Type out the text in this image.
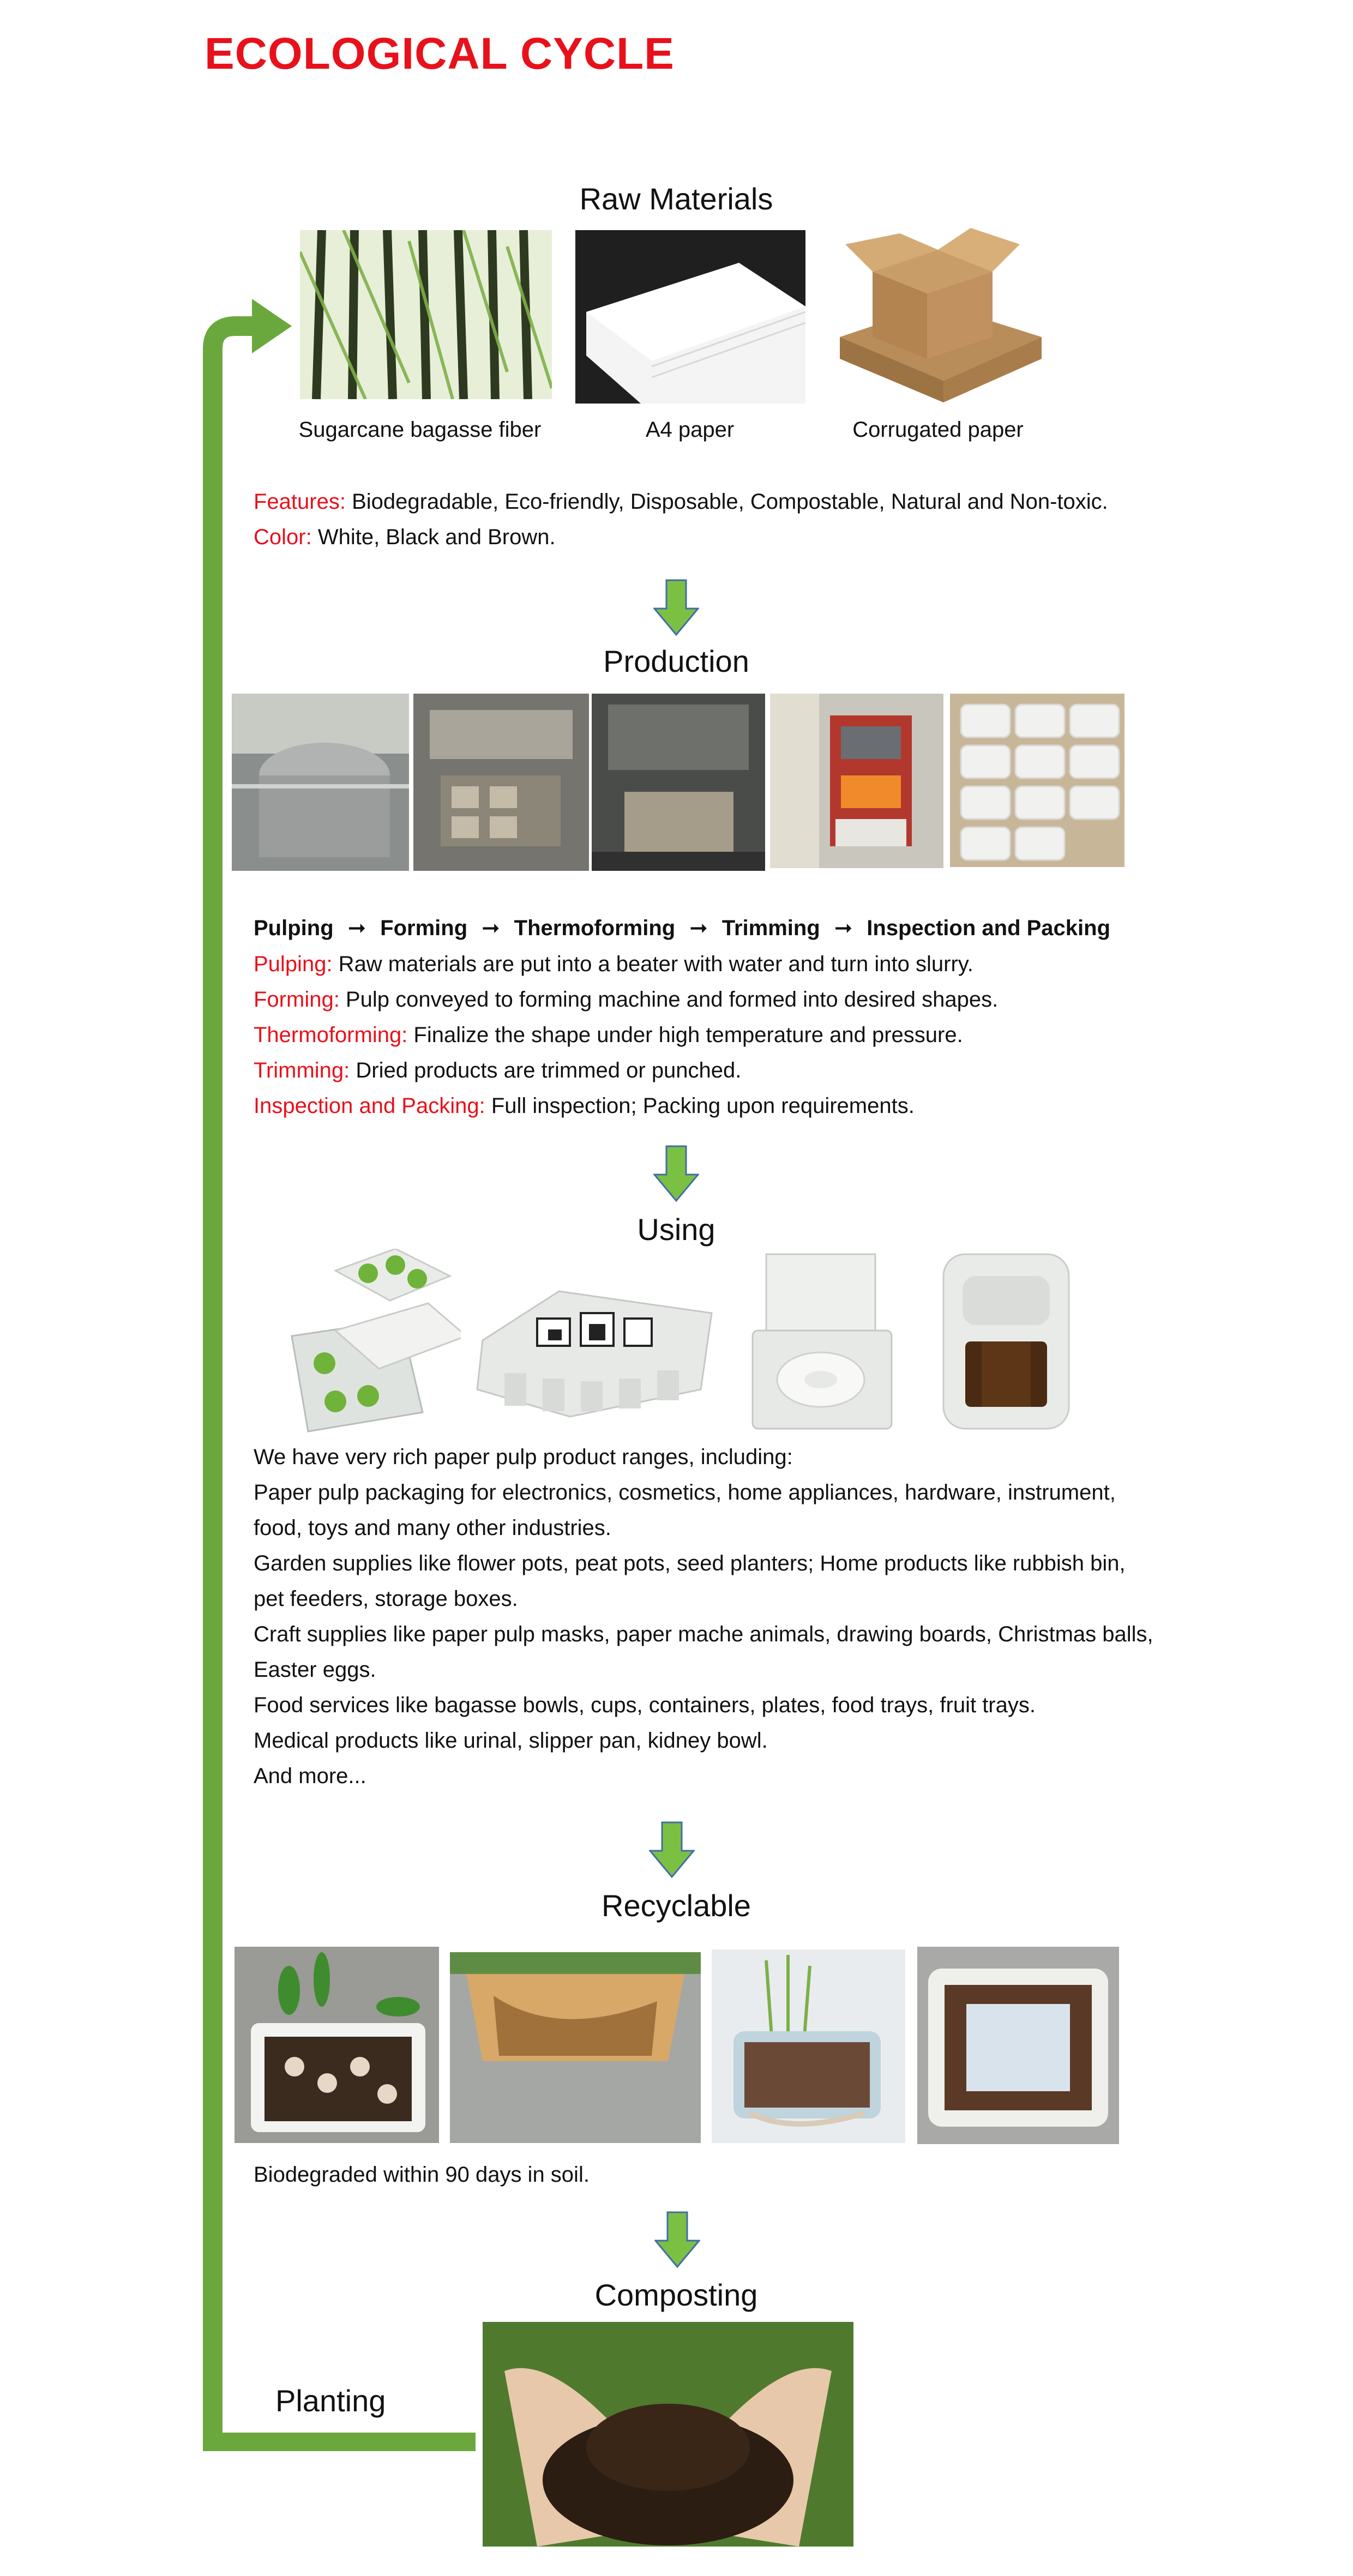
ECOLOGICAL CYCLE
Raw Materials
Sugarcane bagasse fiber	A4 paper	Corrugated paper
Features: Biodegradable, Eco-friendly, Disposable, Compostable, Natural and Non-toxic.
Color: White, Black and Brown.
Production
Pulping ➞ Forming ➞ Thermoforming ➞ Trimming ➞ Inspection and Packing
Pulping: Raw materials are put into a beater with water and turn into slurry.
Forming: Pulp conveyed to forming machine and formed into desired shapes.
Thermoforming: Finalize the shape under high temperature and pressure.
Trimming: Dried products are trimmed or punched.
Inspection and Packing: Full inspection; Packing upon requirements.
Using
We have very rich paper pulp product ranges, including:
Paper pulp packaging for electronics, cosmetics, home appliances, hardware, instrument,
food, toys and many other industries.
Garden supplies like flower pots, peat pots, seed planters; Home products like rubbish bin,
pet feeders, storage boxes.
Craft supplies like paper pulp masks, paper mache animals, drawing boards, Christmas balls,
Easter eggs.
Food services like bagasse bowls, cups, containers, plates, food trays, fruit trays.
Medical products like urinal, slipper pan, kidney bowl.
And more...
Recyclable
Biodegraded within 90 days in soil.
Composting
Planting
